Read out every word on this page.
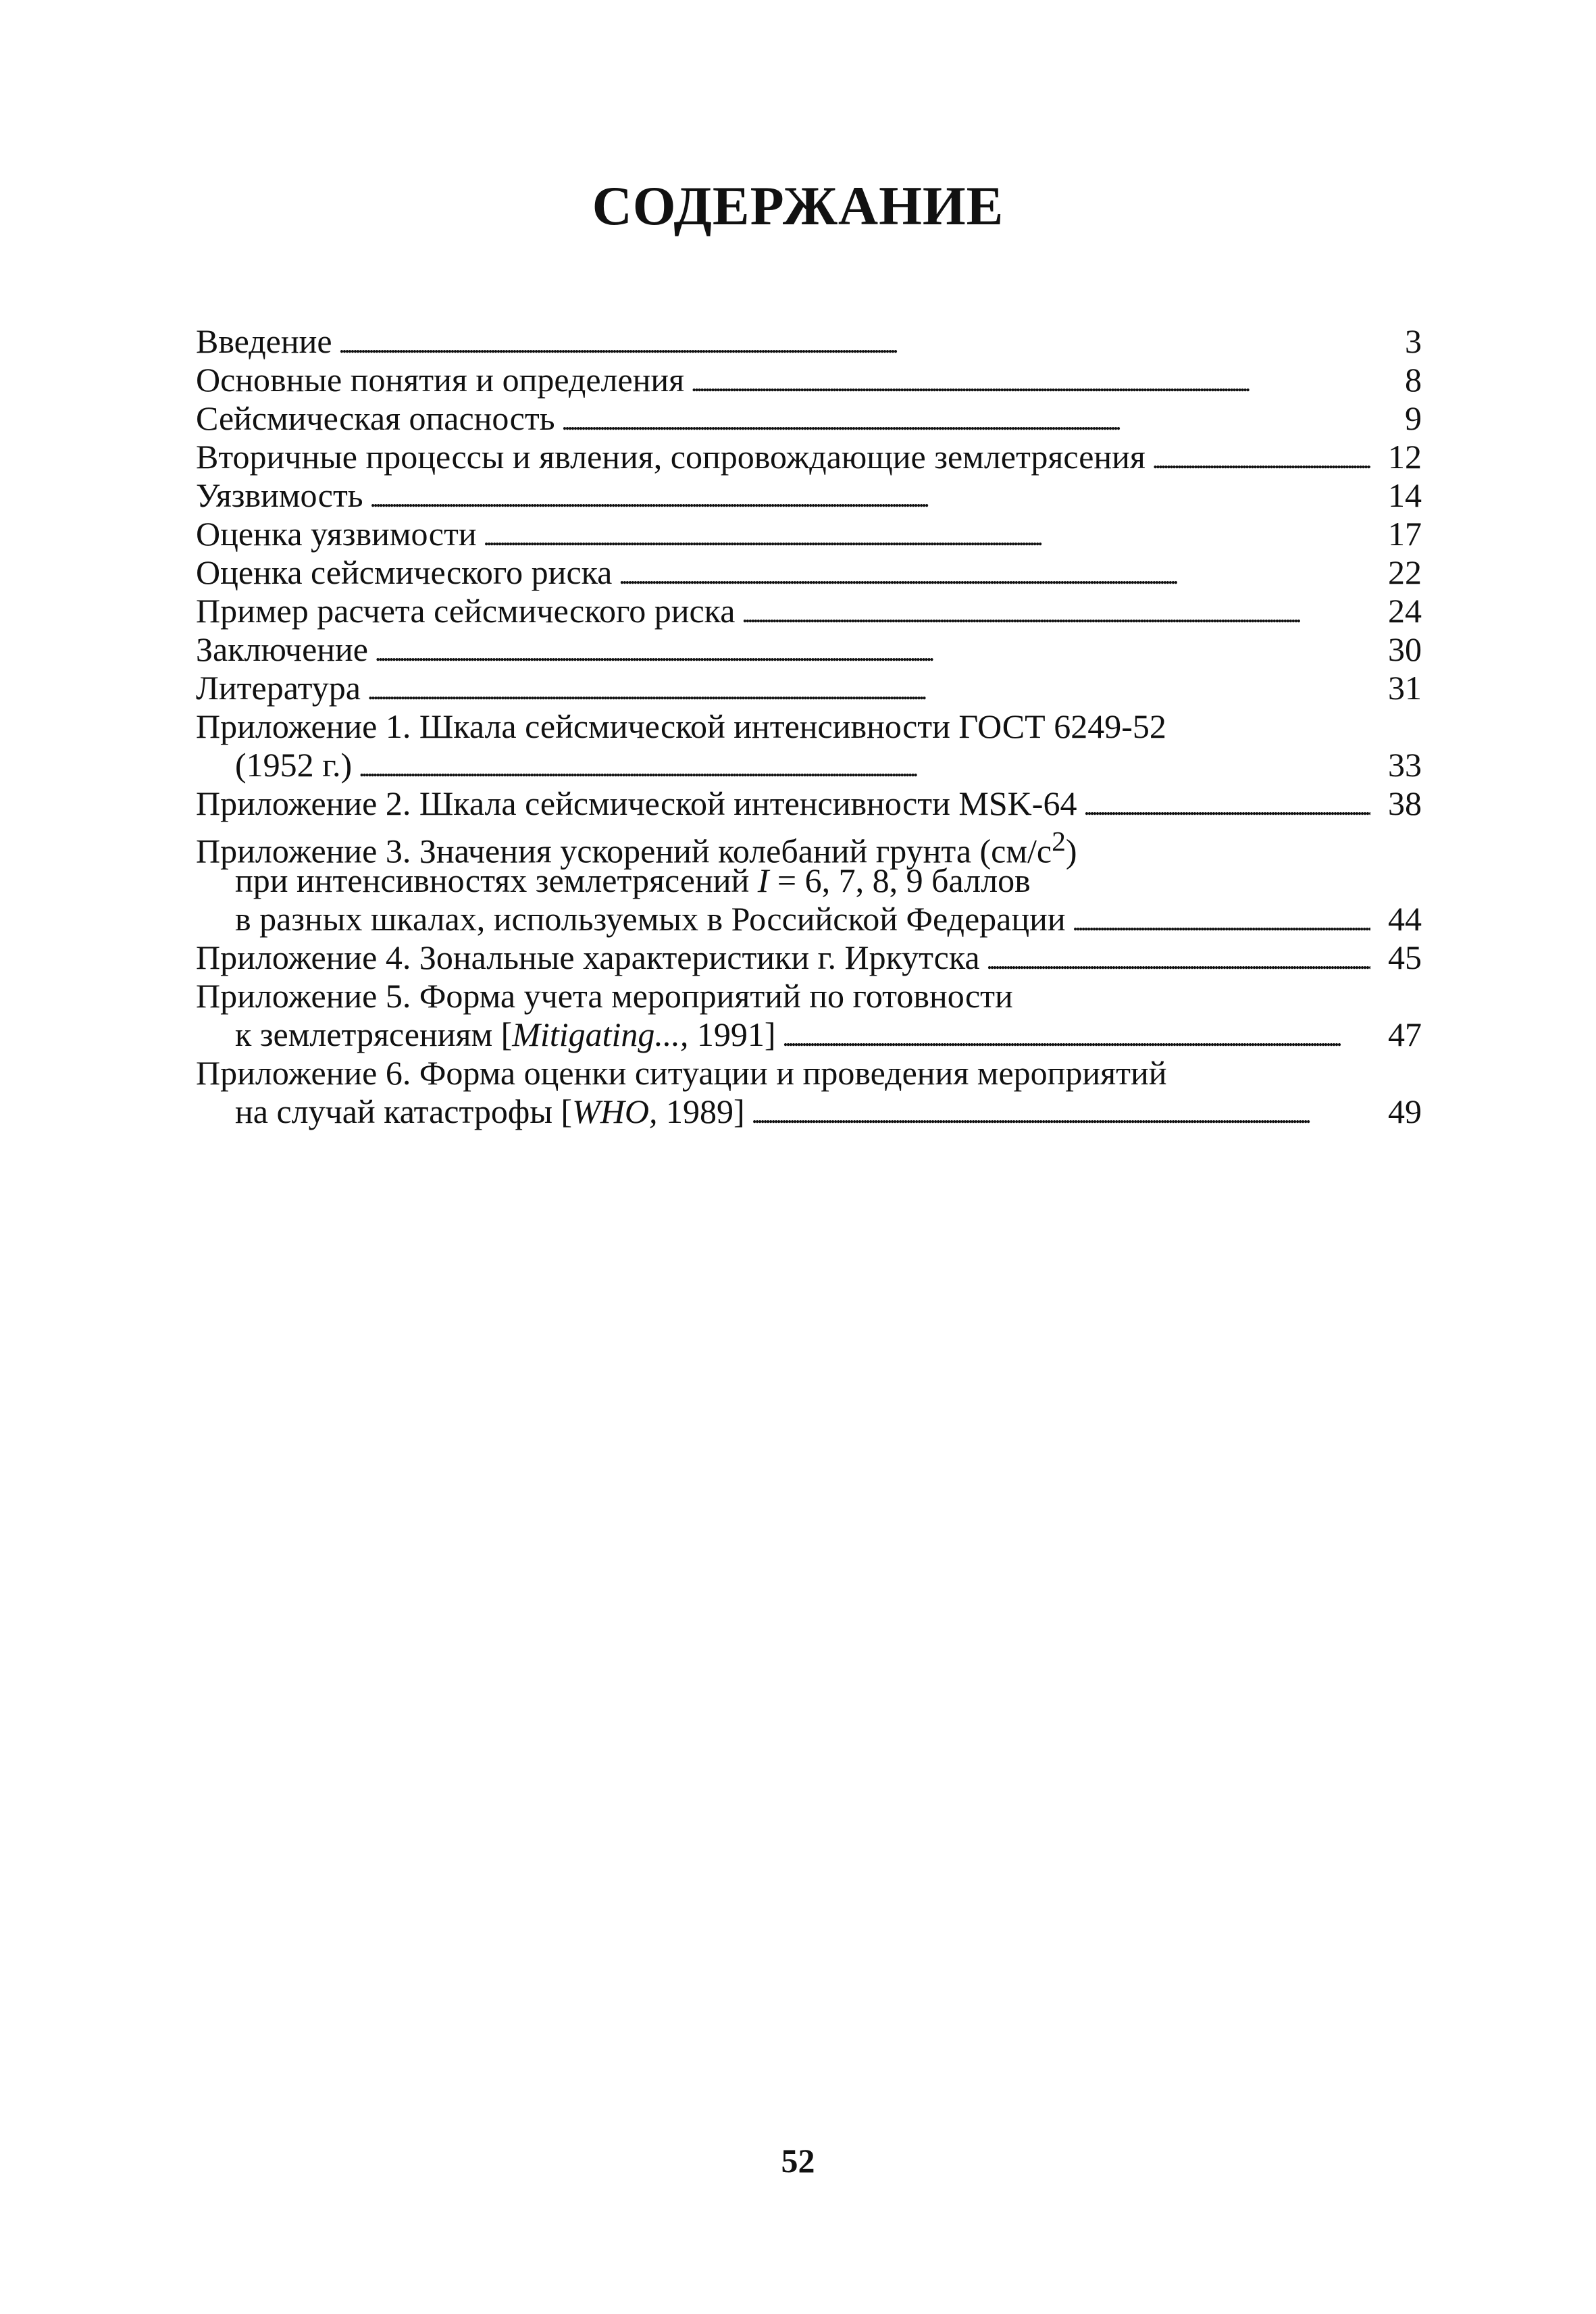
СОДЕРЖАНИЕ
Введение . . .	3
Основные понятия и определения . . .	8
Сейсмическая опасность . . .	9
Вторичные процессы и явления, сопровождающие землетрясения . . .	12
Уязвимость . . .	14
Оценка уязвимости . . .	17
Оценка сейсмического риска . . .	22
Пример расчета сейсмического риска . . .	24
Заключение . . .	30
Литература . . .	31
Приложение 1. Шкала сейсмической интенсивности ГОСТ 6249-52
(1952 г.) . . .	33
Приложение 2. Шкала сейсмической интенсивности MSK-64 . . .	38
Приложение 3. Значения ускорений колебаний грунта $(см/с^2)$
при интенсивностях землетрясений I = 6, 7, 8, 9 баллов
в разных шкалах, используемых в Российской Федерации . . .	44
Приложение 4. Зональные характеристики г. Иркутска . . .	45
Приложение 5. Форма учета мероприятий по готовности
к землетрясениям [Mitigating..., 1991] . . .	47
Приложение 6. Форма оценки ситуации и проведения мероприятий
на случай катастрофы [WHO, 1989] . . .	49
52
